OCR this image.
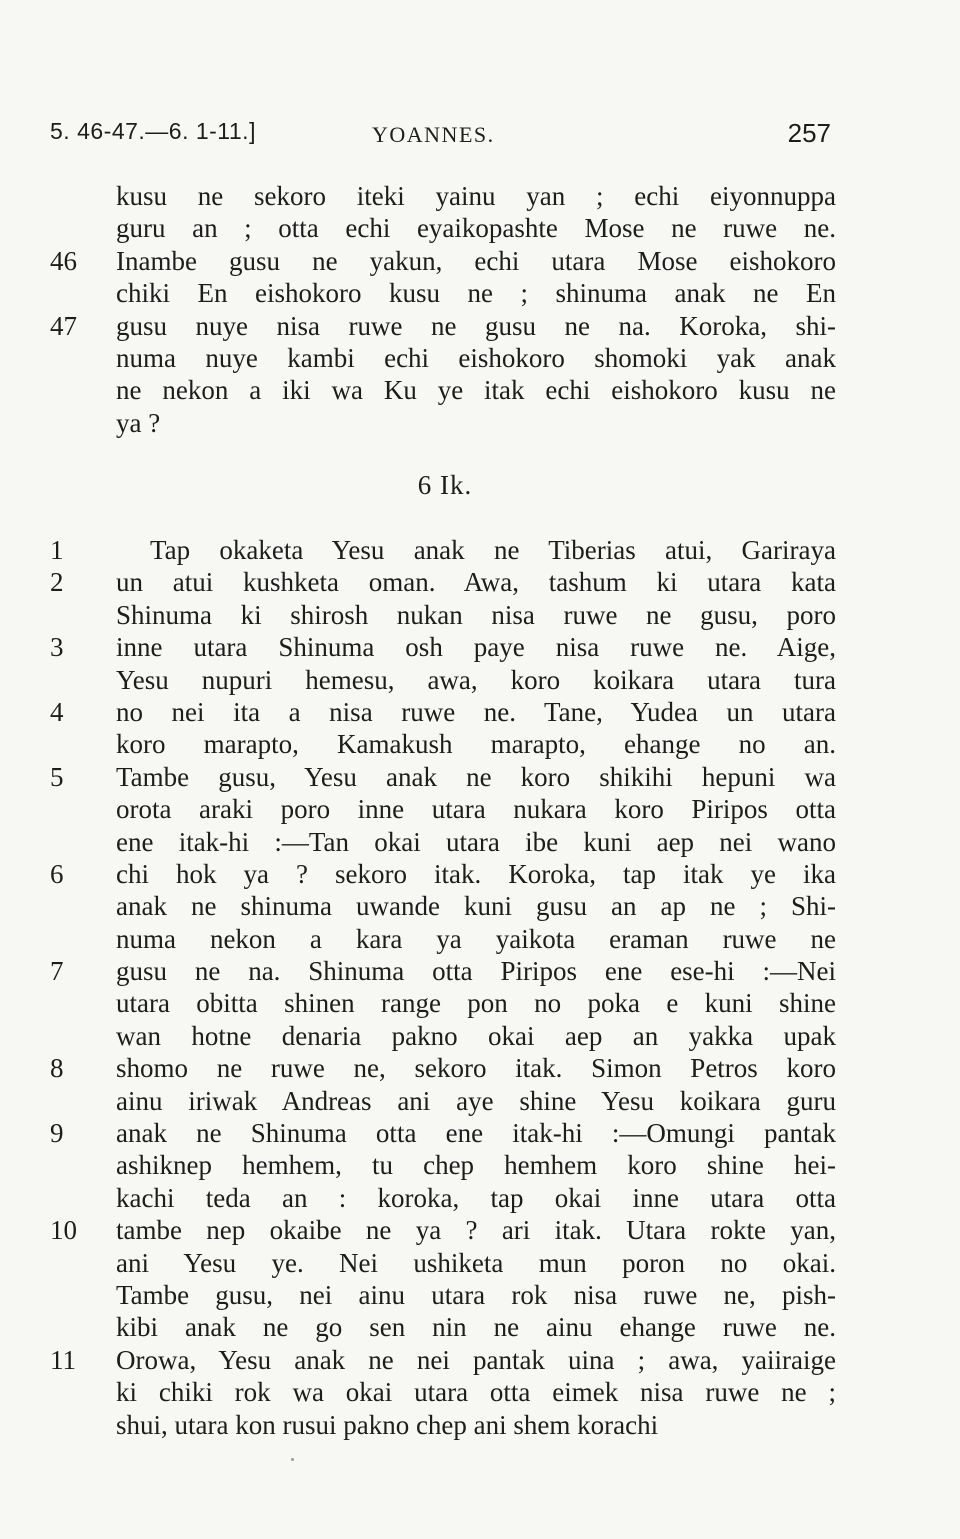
5. 46-47.—6. 1-11.]	YOANNES.	257
kusu ne sekoro iteki yainu yan ; echi eiyonnuppa
guru an ; otta echi eyaikopashte Mose ne ruwe ne.
46	Inambe gusu ne yakun, echi utara Mose eishokoro
chiki En eishokoro kusu ne ; shinuma anak ne En
47	gusu nuye nisa ruwe ne gusu ne na. Koroka, shi-
numa nuye kambi echi eishokoro shomoki yak anak
ne nekon a iki wa Ku ye itak echi eishokoro kusu ne
ya ?
6 Ik.
1	Tap okaketa Yesu anak ne Tiberias atui, Gariraya
2	un atui kushketa oman. Awa, tashum ki utara kata
Shinuma ki shirosh nukan nisa ruwe ne gusu, poro
3	inne utara Shinuma osh paye nisa ruwe ne. Aige,
Yesu nupuri hemesu, awa, koro koikara utara tura
4	no nei ita a nisa ruwe ne. Tane, Yudea un utara
koro marapto, Kamakush marapto, ehange no an.
5	Tambe gusu, Yesu anak ne koro shikihi hepuni wa
orota araki poro inne utara nukara koro Piripos otta
ene itak-hi :—Tan okai utara ibe kuni aep nei wano
6	chi hok ya ? sekoro itak. Koroka, tap itak ye ika
anak ne shinuma uwande kuni gusu an ap ne ; Shi-
numa nekon a kara ya yaikota eraman ruwe ne
7	gusu ne na. Shinuma otta Piripos ene ese-hi :—Nei
utara obitta shinen range pon no poka e kuni shine
wan hotne denaria pakno okai aep an yakka upak
8	shomo ne ruwe ne, sekoro itak. Simon Petros koro
ainu iriwak Andreas ani aye shine Yesu koikara guru
9	anak ne Shinuma otta ene itak-hi :—Omungi pantak
ashiknep hemhem, tu chep hemhem koro shine hei-
kachi teda an : koroka, tap okai inne utara otta
10	tambe nep okaibe ne ya ? ari itak. Utara rokte yan,
ani Yesu ye. Nei ushiketa mun poron no okai.
Tambe gusu, nei ainu utara rok nisa ruwe ne, pish-
kibi anak ne go sen nin ne ainu ehange ruwe ne.
11	Orowa, Yesu anak ne nei pantak uina ; awa, yaiiraige
ki chiki rok wa okai utara otta eimek nisa ruwe ne ;
shui, utara kon rusui pakno chep ani shem korachi
